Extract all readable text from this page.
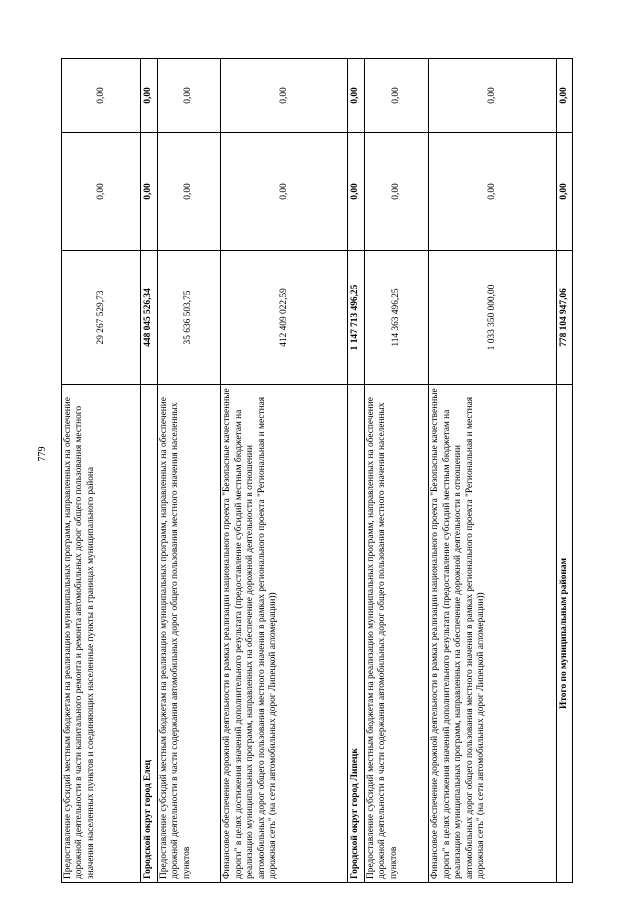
779 Предоставление субсидий местным бюджетам на реализацию муниципальных программ, направленных на обеспечение дорожной деятельности в части капитального ремонта и ремонта автомобильных дорог общего пользования местного значения населенных пунктов и соединяющих населенные пункты в границах муниципального района	29 267 529,73	0,00	0,00
Городской округ город Елец	448 045 526,34	0,00	0,00
Предоставление субсидий местным бюджетам на реализацию муниципальных программ, направленных на обеспечение дорожной деятельности в части содержания автомобильных дорог общего пользования местного значения населенных пунктов	35 636 503,75	0,00	0,00
Финансовое обеспечение дорожной деятельности в рамках реализации национального проекта "Безопасные качественные дороги" в целях достижения значений дополнительного результата (предоставление субсидий местным бюджетам на реализацию муниципальных программ, направленных на обеспечение дорожной деятельности в отношении автомобильных дорог общего пользования местного значения в рамках регионального проекта "Региональная и местная дорожная сеть" (на сети автомобильных дорог Липецкой агломерации))	412 409 022,59	0,00	0,00
Городской округ город Липецк	1 147 713 496,25	0,00	0,00
Предоставление субсидий местным бюджетам на реализацию муниципальных программ, направленных на обеспечение дорожной деятельности в части содержания автомобильных дорог общего пользования местного значения населенных пунктов	114 363 496,25	0,00	0,00
Финансовое обеспечение дорожной деятельности в рамках реализации национального проекта "Безопасные качественные дороги" в целях достижения значений дополнительного результата (предоставление субсидий местным бюджетам на реализацию муниципальных программ, направленных на обеспечение дорожной деятельности в отношении автомобильных дорог общего пользования местного значения в рамках регионального проекта "Региональная и местная дорожная сеть" (на сети автомобильных дорог Липецкой агломерации))	1 033 350 000,00	0,00	0,00
Итого по муниципальным районам	778 104 947,06	0,00	0,00
